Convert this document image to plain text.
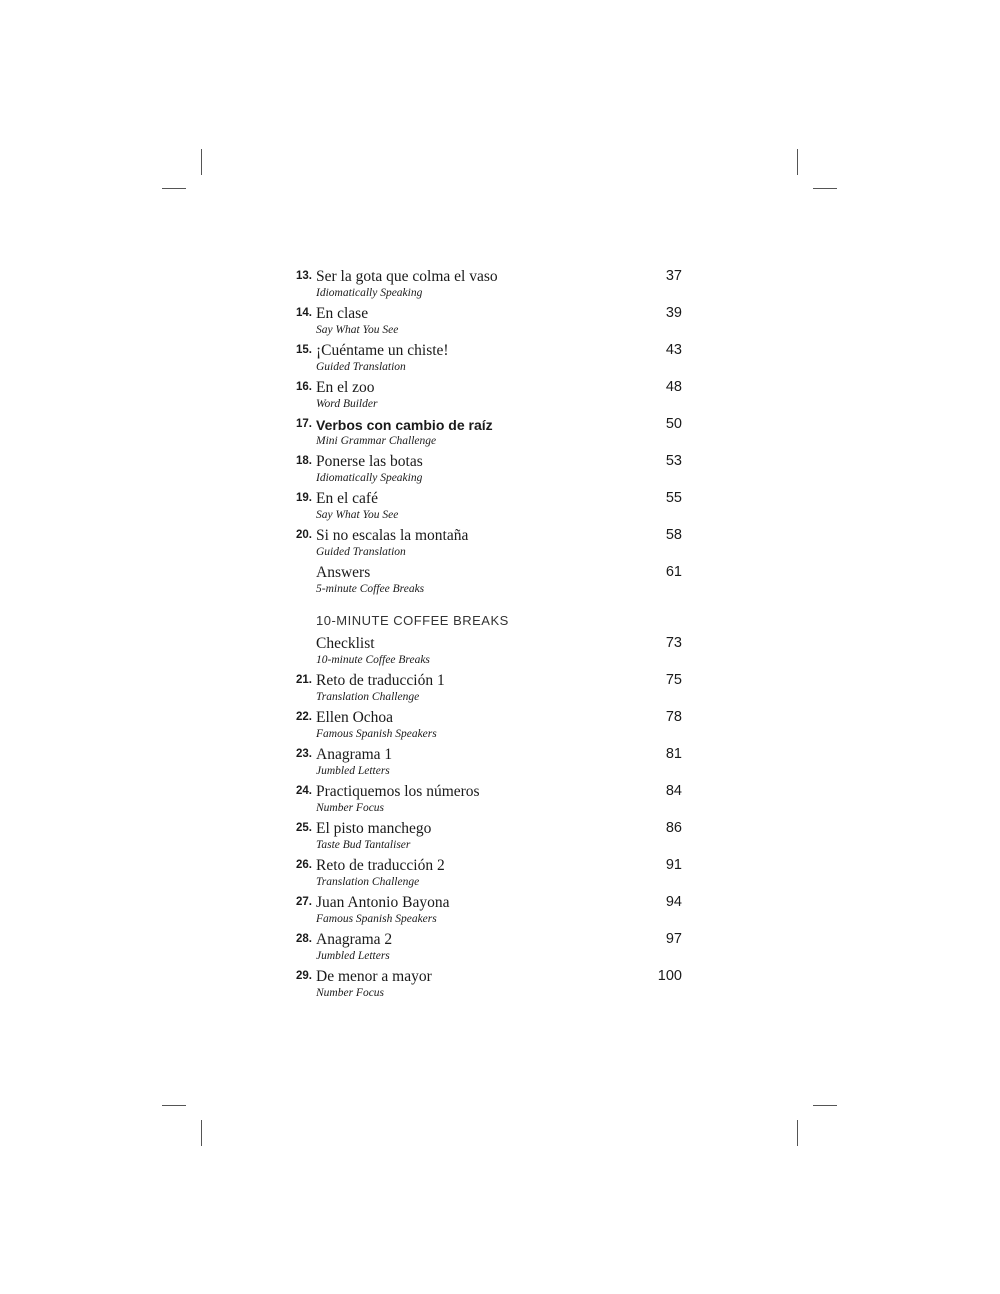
13. Ser la gota que colma el vaso
Idiomatically Speaking
37
14. En clase
Say What You See
39
15. ¡Cuéntame un chiste!
Guided Translation
43
16. En el zoo
Word Builder
48
17. Verbos con cambio de raíz
Mini Grammar Challenge
50
18. Ponerse las botas
Idiomatically Speaking
53
19. En el café
Say What You See
55
20. Si no escalas la montaña
Guided Translation
58
Answers
5-minute Coffee Breaks
61
10-MINUTE COFFEE BREAKS
Checklist
10-minute Coffee Breaks
73
21. Reto de traducción 1
Translation Challenge
75
22. Ellen Ochoa
Famous Spanish Speakers
78
23. Anagrama 1
Jumbled Letters
81
24. Practiquemos los números
Number Focus
84
25. El pisto manchego
Taste Bud Tantaliser
86
26. Reto de traducción 2
Translation Challenge
91
27. Juan Antonio Bayona
Famous Spanish Speakers
94
28. Anagrama 2
Jumbled Letters
97
29. De menor a mayor
Number Focus
100
